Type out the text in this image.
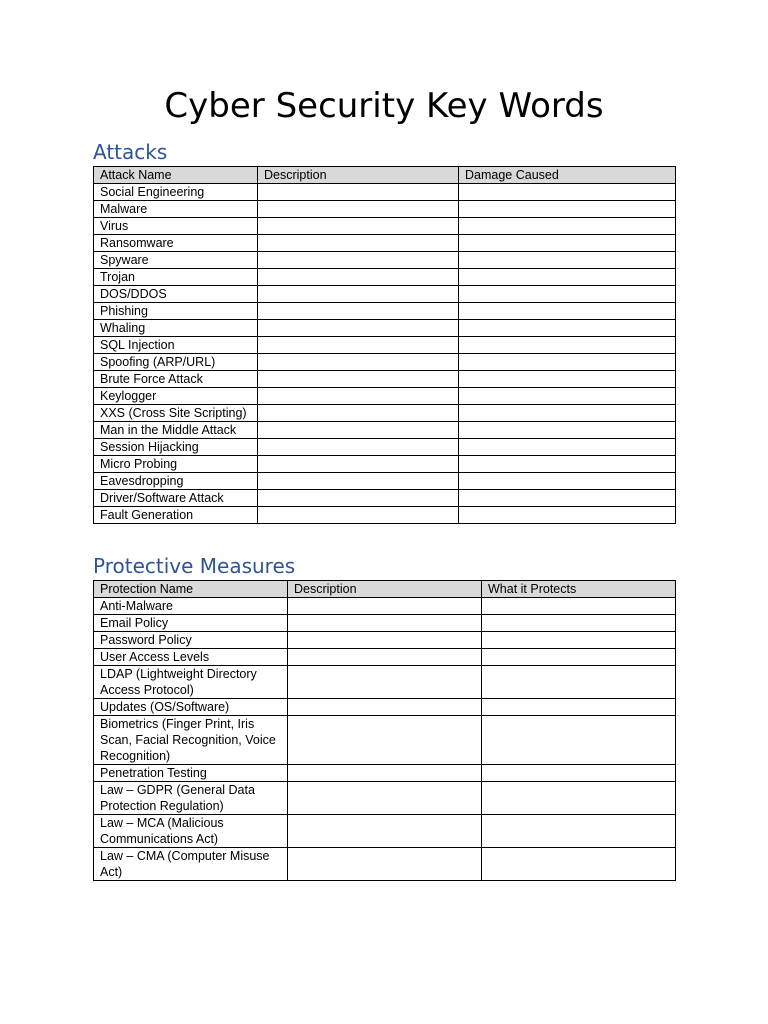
Cyber Security Key Words
Attacks
Attack Name	Description	Damage Caused
Social Engineering		
Malware		
Virus		
Ransomware		
Spyware		
Trojan		
DOS/DDOS		
Phishing		
Whaling		
SQL Injection		
Spoofing (ARP/URL)		
Brute Force Attack		
Keylogger		
XXS (Cross Site Scripting)		
Man in the Middle Attack		
Session Hijacking		
Micro Probing		
Eavesdropping		
Driver/Software Attack		
Fault Generation		
Protective Measures
Protection Name	Description	What it Protects
Anti-Malware		
Email Policy		
Password Policy		
User Access Levels		
LDAP (Lightweight Directory Access Protocol)		
Updates (OS/Software)		
Biometrics (Finger Print, Iris Scan, Facial Recognition, Voice Recognition)		
Penetration Testing		
Law – GDPR (General Data Protection Regulation)		
Law – MCA (Malicious Communications Act)		
Law – CMA (Computer Misuse Act)		
